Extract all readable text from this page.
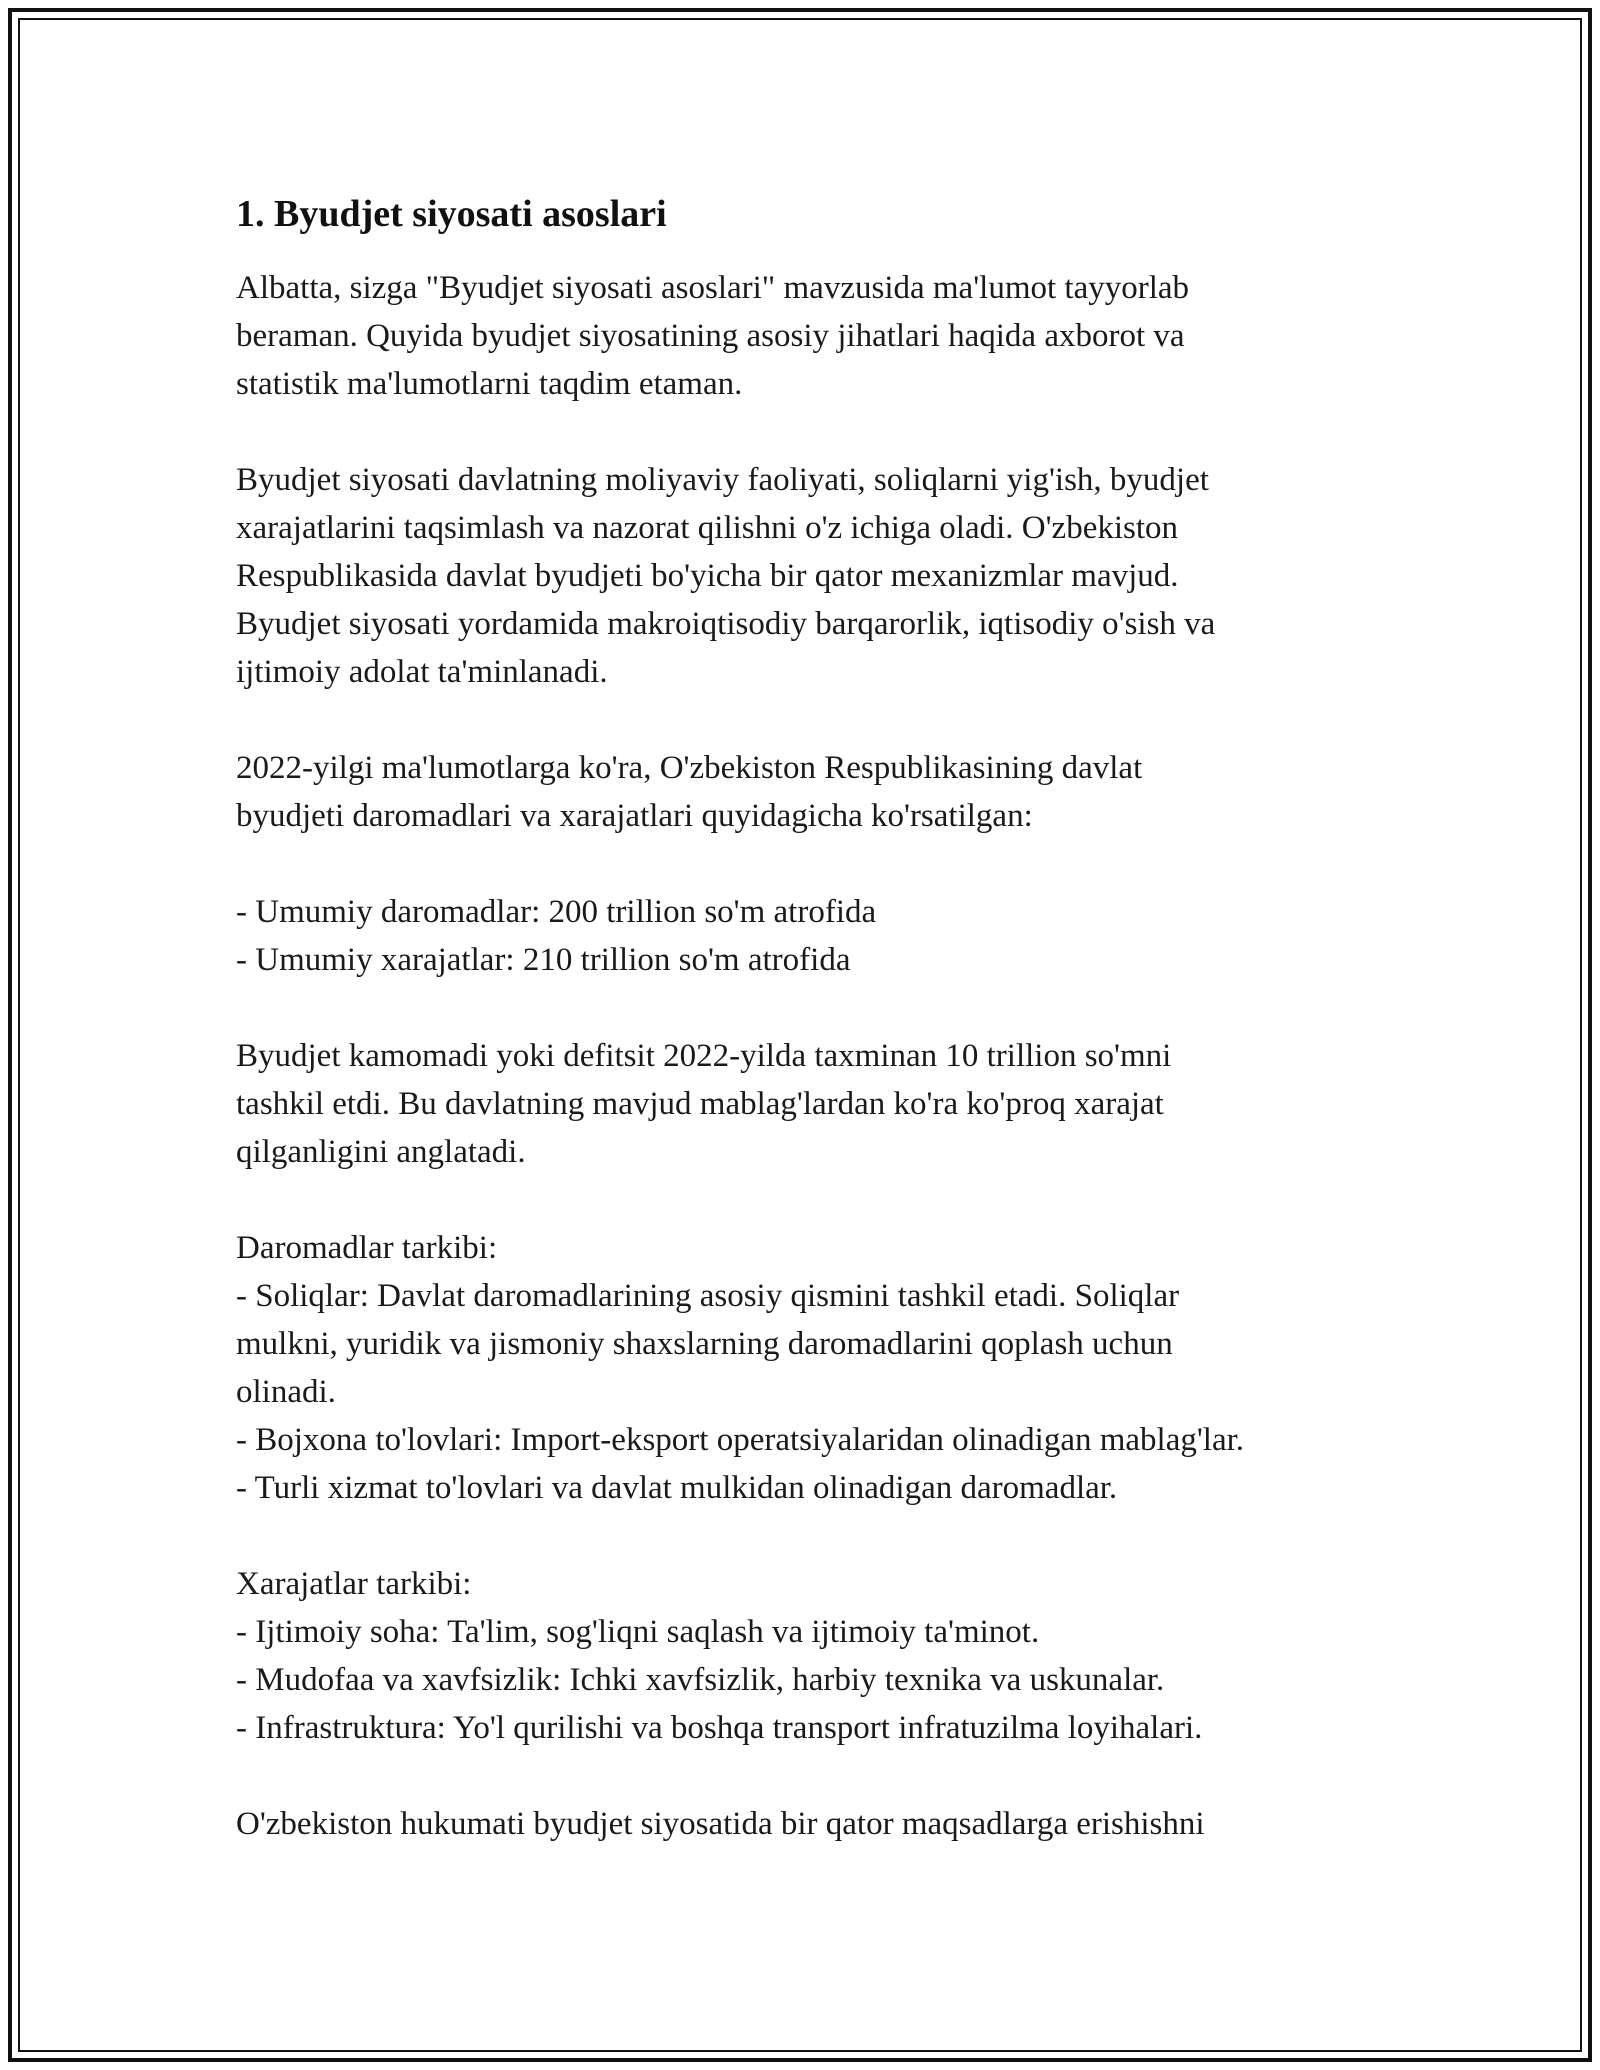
1. Byudjet siyosati asoslari

Albatta, sizga "Byudjet siyosati asoslari" mavzusida ma'lumot tayyorlab
beraman. Quyida byudjet siyosatining asosiy jihatlari haqida axborot va
statistik ma'lumotlarni taqdim etaman.

Byudjet siyosati davlatning moliyaviy faoliyati, soliqlarni yig'ish, byudjet
xarajatlarini taqsimlash va nazorat qilishni o'z ichiga oladi. O'zbekiston
Respublikasida davlat byudjeti bo'yicha bir qator mexanizmlar mavjud.
Byudjet siyosati yordamida makroiqtisodiy barqarorlik, iqtisodiy o'sish va
ijtimoiy adolat ta'minlanadi.

2022-yilgi ma'lumotlarga ko'ra, O'zbekiston Respublikasining davlat
byudjeti daromadlari va xarajatlari quyidagicha ko'rsatilgan:

- Umumiy daromadlar: 200 trillion so'm atrofida

- Umumiy xarajatlar: 210 trillion so'm atrofida

Byudjet kamomadi yoki defitsit 2022-yilda taxminan 10 trillion so'mni
tashkil etdi. Bu davlatning mavjud mablag'lardan ko'ra ko'proq xarajat
qilganligini anglatadi.

Daromadlar tarkibi:

- Soliqlar: Davlat daromadlarining asosiy qismini tashkil etadi. Soliqlar
mulkni, yuridik va jismoniy shaxslarning daromadlarini qoplash uchun
olinadi.

- Bojxona to'lovlari: Import-eksport operatsiyalaridan olinadigan mablag'lar.

- Turli xizmat to'lovlari va davlat mulkidan olinadigan daromadlar.

Xarajatlar tarkibi:

- Ijtimoiy soha: Ta'lim, sog'liqni saqlash va ijtimoiy ta'minot.

- Mudofaa va xavfsizlik: Ichki xavfsizlik, harbiy texnika va uskunalar.

- Infrastruktura: Yo'l qurilishi va boshqa transport infratuzilma loyihalari.

O'zbekiston hukumati byudjet siyosatida bir qator maqsadlarga erishishni
